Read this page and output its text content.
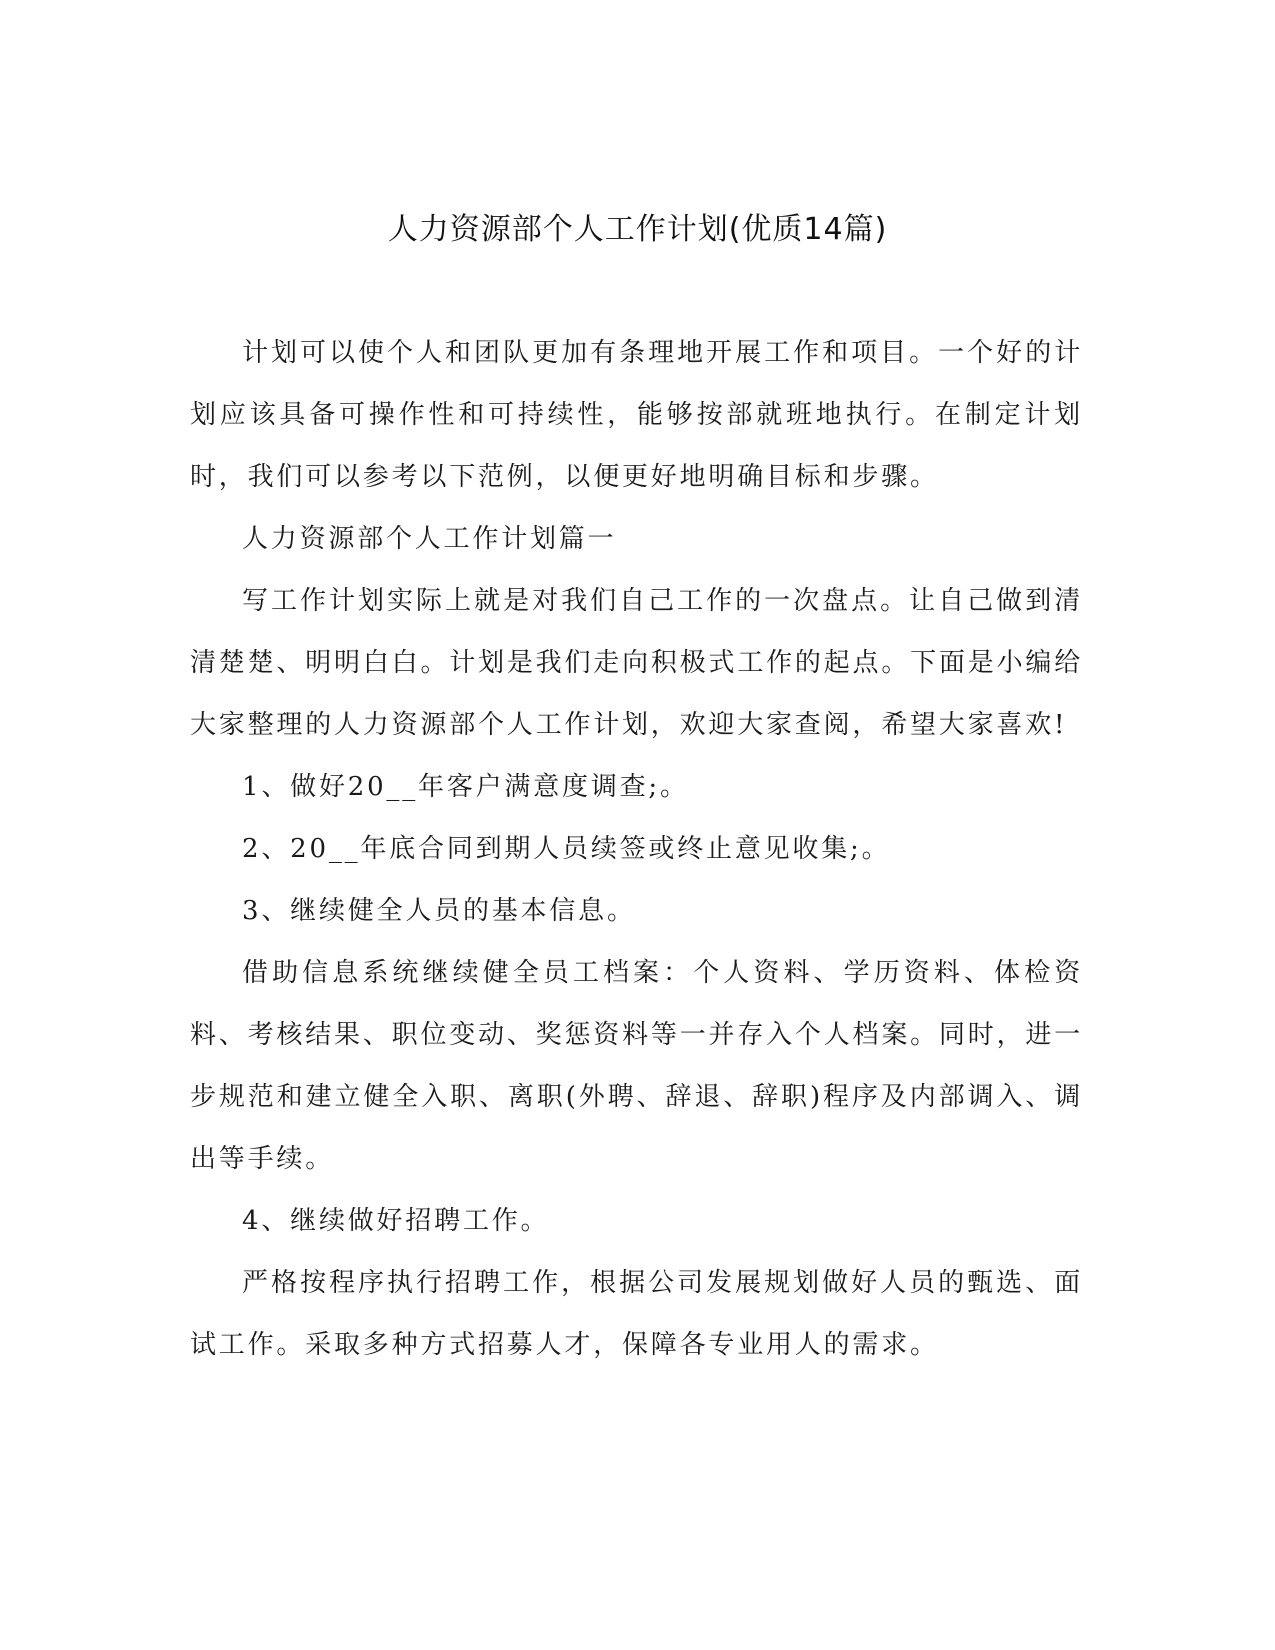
人力资源部个人工作计划(优质14篇)

计划可以使个人和团队更加有条理地开展工作和项目。一个好的计划应该具备可操作性和可持续性，能够按部就班地执行。在制定计划时，我们可以参考以下范例，以便更好地明确目标和步骤。

人力资源部个人工作计划篇一

写工作计划实际上就是对我们自己工作的一次盘点。让自己做到清清楚楚、明明白白。计划是我们走向积极式工作的起点。下面是小编给大家整理的人力资源部个人工作计划，欢迎大家查阅，希望大家喜欢!

1、做好20__年客户满意度调查;。

2、20__年底合同到期人员续签或终止意见收集;。

3、继续健全人员的基本信息。

借助信息系统继续健全员工档案：个人资料、学历资料、体检资料、考核结果、职位变动、奖惩资料等一并存入个人档案。同时，进一步规范和建立健全入职、离职(外聘、辞退、辞职)程序及内部调入、调出等手续。

4、继续做好招聘工作。

严格按程序执行招聘工作，根据公司发展规划做好人员的甄选、面试工作。采取多种方式招募人才，保障各专业用人的需求。
